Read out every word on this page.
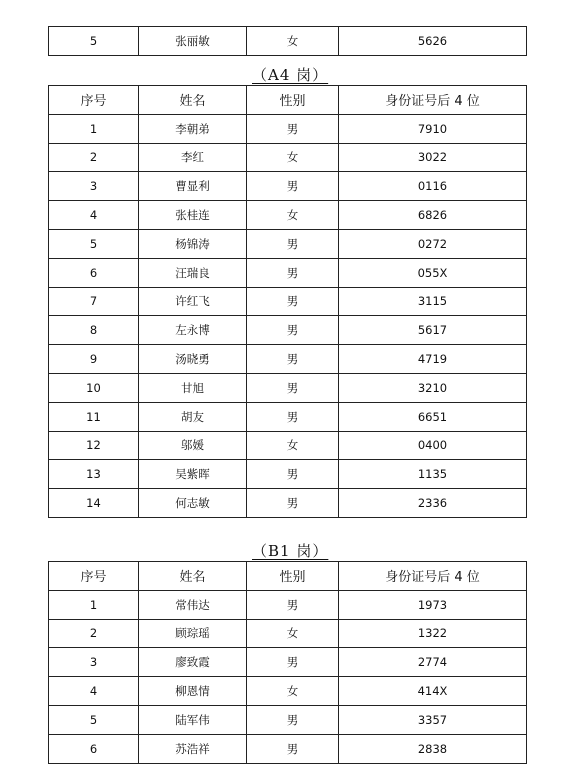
5	张丽敏	女	5626
（A4 岗）
序号	姓名	性别	身份证号后 4 位
1	李朝弟	男	7910
2	李红	女	3022
3	曹显利	男	0116
4	张桂连	女	6826
5	杨锦涛	男	0272
6	汪瑞良	男	055X
7	许红飞	男	3115
8	左永博	男	5617
9	汤晓勇	男	4719
10	甘旭	男	3210
11	胡友	男	6651
12	邬媛	女	0400
13	吴紫晖	男	1135
14	何志敏	男	2336
（B1 岗）
序号	姓名	性别	身份证号后 4 位
1	常伟达	男	1973
2	顾琮瑶	女	1322
3	廖致霞	男	2774
4	柳恩情	女	414X
5	陆军伟	男	3357
6	苏浩祥	男	2838
